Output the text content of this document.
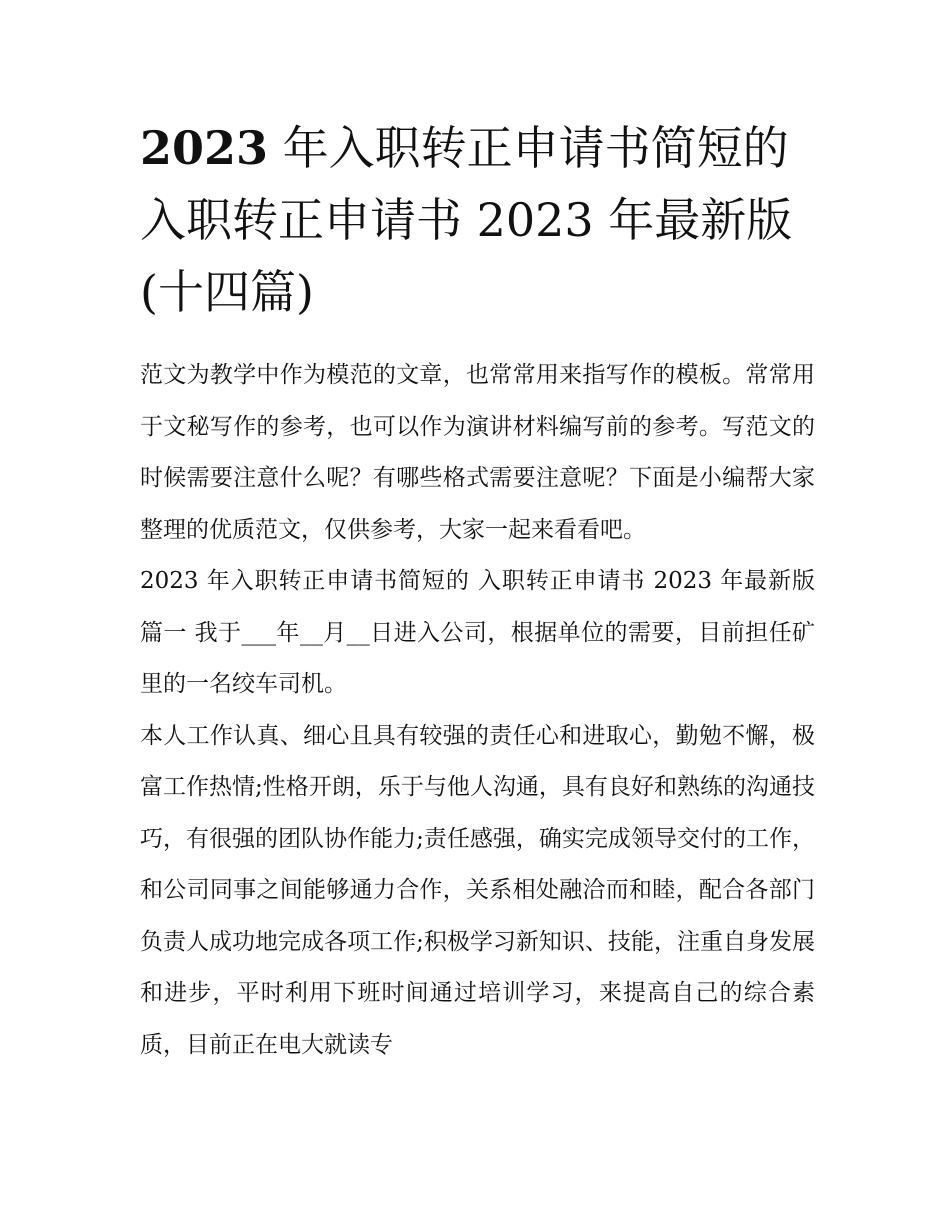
2023 年入职转正申请书简短的入职转正申请书 2023 年最新版 (十四篇)

范文为教学中作为模范的文章，也常常用来指写作的模板。常常用于文秘写作的参考，也可以作为演讲材料编写前的参考。写范文的时候需要注意什么呢？有哪些格式需要注意呢？下面是小编帮大家整理的优质范文，仅供参考，大家一起来看看吧。

2023 年入职转正申请书简短的 入职转正申请书 2023 年最新版篇一 我于___年__月__日进入公司，根据单位的需要，目前担任矿里的一名绞车司机。

本人工作认真、细心且具有较强的责任心和进取心，勤勉不懈，极富工作热情;性格开朗，乐于与他人沟通，具有良好和熟练的沟通技巧，有很强的团队协作能力;责任感强，确实完成领导交付的工作，和公司同事之间能够通力合作，关系相处融洽而和睦，配合各部门负责人成功地完成各项工作;积极学习新知识、技能，注重自身发展和进步，平时利用下班时间通过培训学习，来提高自己的综合素质，目前正在电大就读专
